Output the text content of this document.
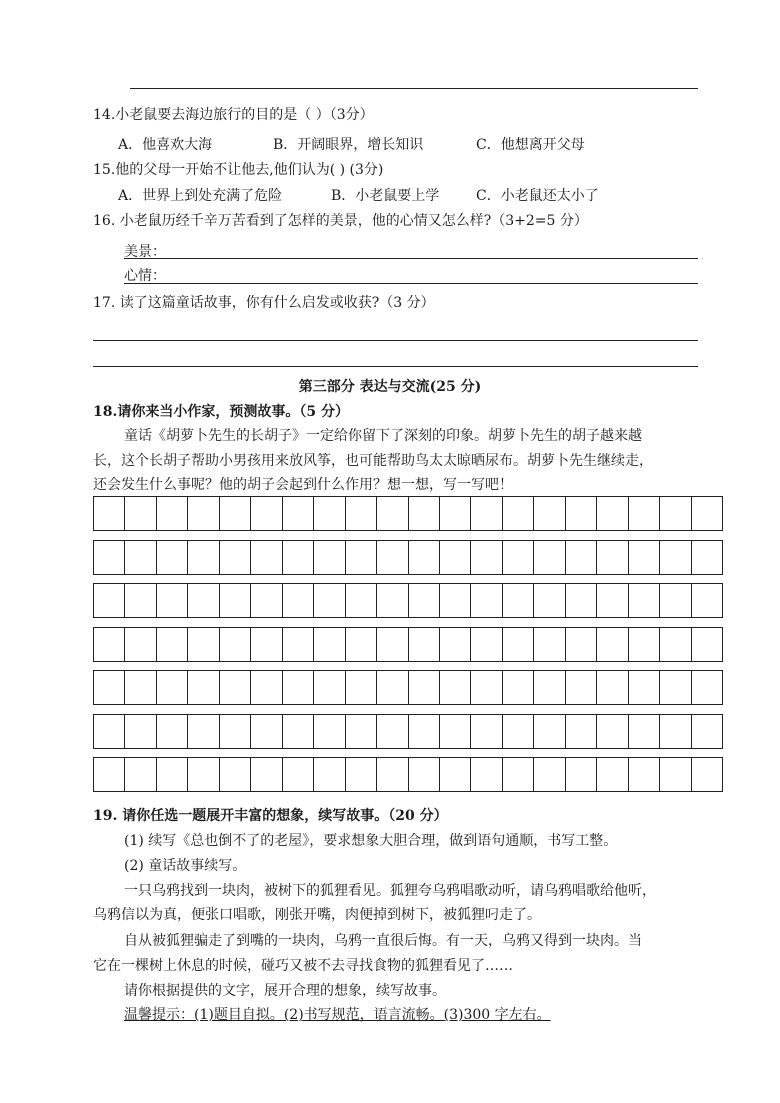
14.小老鼠要去海边旅行的目的是（ ）（3分）
A．他喜欢大海	B．开阔眼界，增长知识	C．他想离开父母
15.他的父母一开始不让他去,他们认为( ) (3分)
A．世界上到处充满了危险	B．小老鼠要上学	C．小老鼠还太小了
16. 小老鼠历经千辛万苦看到了怎样的美景，他的心情又怎么样?（3+2=5 分）
美景：
心情：
17. 读了这篇童话故事，你有什么启发或收获?（3 分）
第三部分 表达与交流(25 分)
18.请你来当小作家，预测故事。（5 分）
童话《胡萝卜先生的长胡子》一定给你留下了深刻的印象。胡萝卜先生的胡子越来越
长，这个长胡子帮助小男孩用来放风筝，也可能帮助鸟太太晾晒尿布。胡萝卜先生继续走，
还会发生什么事呢？他的胡子会起到什么作用？想一想，写一写吧！
19. 请你任选一题展开丰富的想象，续写故事。（20 分）
(1) 续写《总也倒不了的老屋》，要求想象大胆合理，做到语句通顺，书写工整。
(2) 童话故事续写。
一只乌鸦找到一块肉，被树下的狐狸看见。狐狸夸乌鸦唱歌动听，请乌鸦唱歌给他听，
乌鸦信以为真，便张口唱歌，刚张开嘴，肉便掉到树下，被狐狸叼走了。
自从被狐狸骗走了到嘴的一块肉，乌鸦一直很后悔。有一天，乌鸦又得到一块肉。当
它在一棵树上休息的时候，碰巧又被不去寻找食物的狐狸看见了……
请你根据提供的文字，展开合理的想象，续写故事。
温馨提示：(1)题目自拟。(2)书写规范，语言流畅。(3)300 字左右。
